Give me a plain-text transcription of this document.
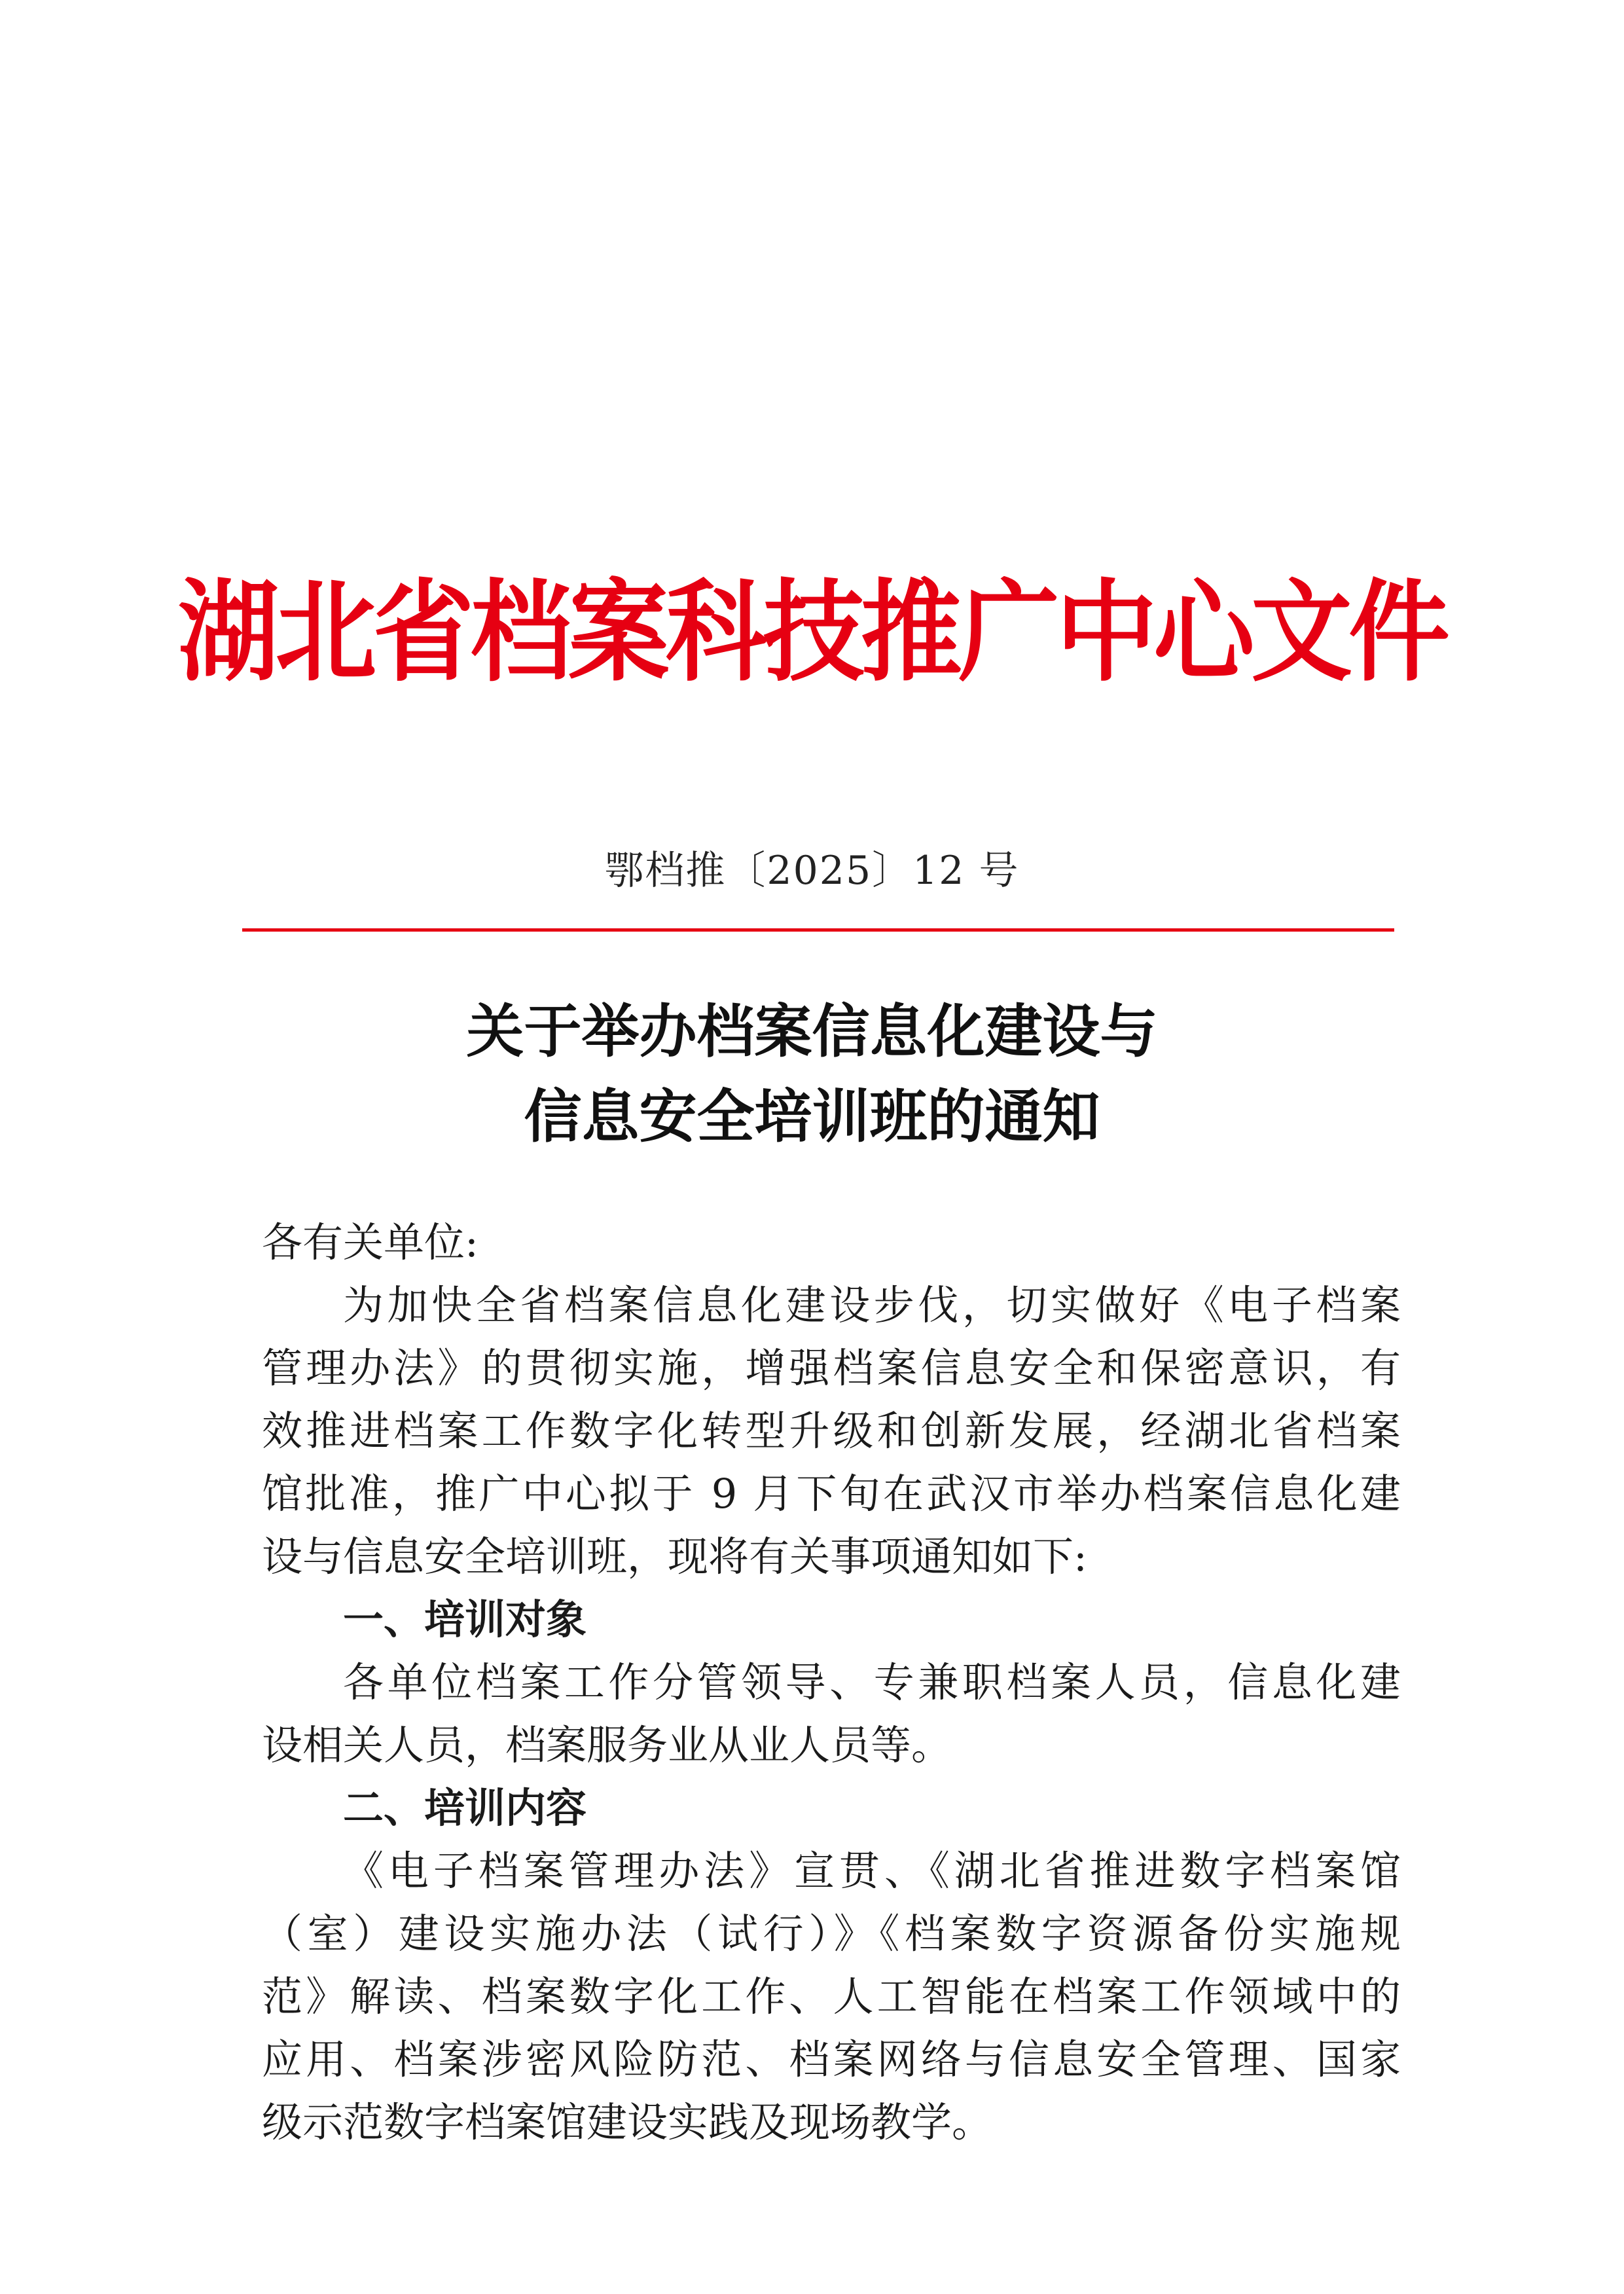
湖北省档案科技推广中心文件
鄂档推〔2025〕12 号
关于举办档案信息化建设与
信息安全培训班的通知
各有关单位:
为加快全省档案信息化建设步伐，切实做好《电子档案
管理办法》的贯彻实施，增强档案信息安全和保密意识，有
效推进档案工作数字化转型升级和创新发展，经湖北省档案
馆批准，推广中心拟于 9 月下旬在武汉市举办档案信息化建
设与信息安全培训班，现将有关事项通知如下:
一、培训对象
各单位档案工作分管领导、专兼职档案人员，信息化建
设相关人员，档案服务业从业人员等。
二、培训内容
《电子档案管理办法》宣贯、《湖北省推进数字档案馆
（室）建设实施办法（试行）》《档案数字资源备份实施规
范》解读、档案数字化工作、人工智能在档案工作领域中的
应用、档案涉密风险防范、档案网络与信息安全管理、国家
级示范数字档案馆建设实践及现场教学。
